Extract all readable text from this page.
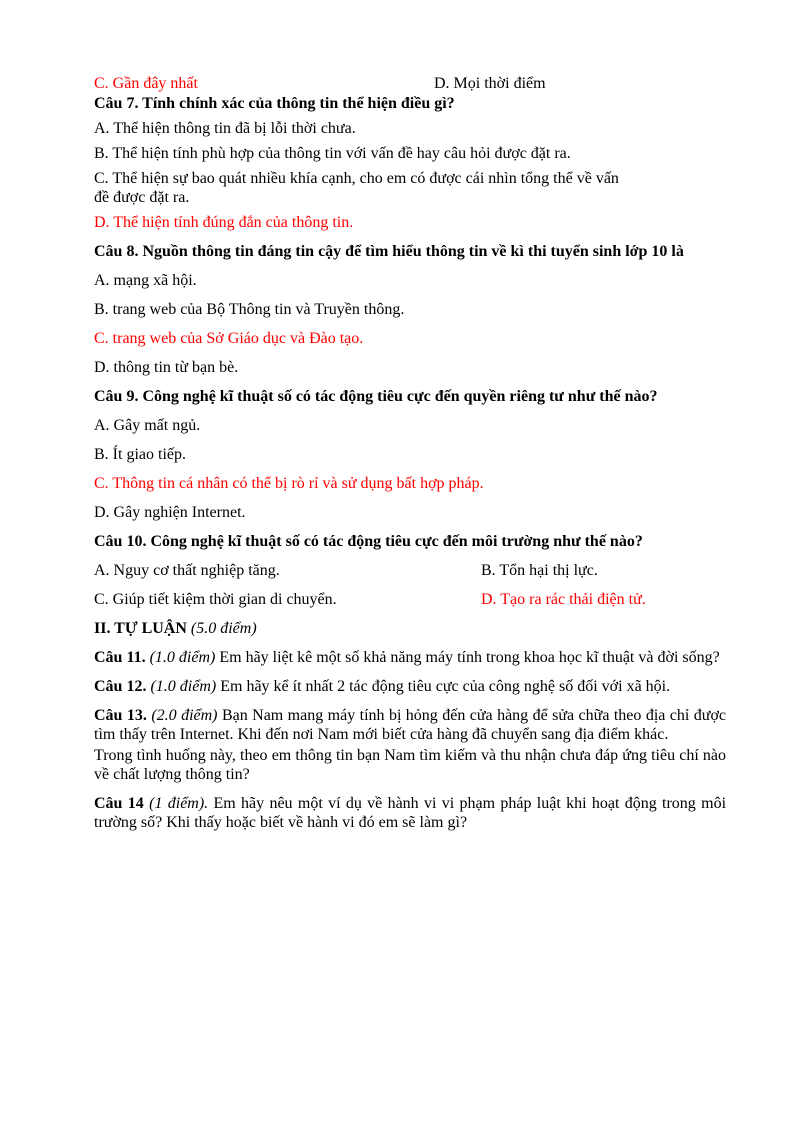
C. Gần đây nhất	D. Mọi thời điểm
Câu 7. Tính chính xác của thông tin thể hiện điều gì?
A. Thể hiện thông tin đã bị lỗi thời chưa.
B. Thể hiện tính phù hợp của thông tin với vấn đề hay câu hỏi được đặt ra.
C. Thể hiện sự bao quát nhiều khía cạnh, cho em có được cái nhìn tổng thể về vấn
đề được đặt ra.
D. Thể hiện tính đúng đắn của thông tin.

Câu 8. Nguồn thông tin đáng tin cậy để tìm hiểu thông tin về kì thi tuyển sinh lớp 10 là

A. mạng xã hội.
B. trang web của Bộ Thông tin và Truyền thông.
C. trang web của Sở Giáo dục và Đào tạo.
D. thông tin từ bạn bè.

Câu 9. Công nghệ kĩ thuật số có tác động tiêu cực đến quyền riêng tư như thế nào?

A. Gây mất ngủ.
B. Ít giao tiếp.
C. Thông tin cá nhân có thể bị rò rỉ và sử dụng bất hợp pháp.
D. Gây nghiện Internet.

Câu 10. Công nghệ kĩ thuật số có tác động tiêu cực đến môi trường như thế nào?

A. Nguy cơ thất nghiệp tăng.	B. Tổn hại thị lực.
C. Giúp tiết kiệm thời gian di chuyển.	D. Tạo ra rác thải điện tử.
II. TỰ LUẬN (5.0 điểm)

Câu 11. (1.0 điểm) Em hãy liệt kê một số khả năng máy tính trong khoa học kĩ thuật và đời sống?

Câu 12. (1.0 điểm) Em hãy kể ít nhất 2 tác động tiêu cực của công nghệ số đối với xã hội.

Câu 13. (2.0 điểm) Bạn Nam mang máy tính bị hỏng đến cửa hàng để sửa chữa theo địa chỉ được tìm thấy trên Internet. Khi đến nơi Nam mới biết cửa hàng đã chuyển sang địa điểm khác.

Trong tình huống này, theo em thông tin bạn Nam tìm kiếm và thu nhận chưa đáp ứng tiêu chí nào về chất lượng thông tin?

Câu 14 (1 điểm). Em hãy nêu một ví dụ về hành vi vi phạm pháp luật khi hoạt động trong môi trường số? Khi thấy hoặc biết về hành vi đó em sẽ làm gì?
